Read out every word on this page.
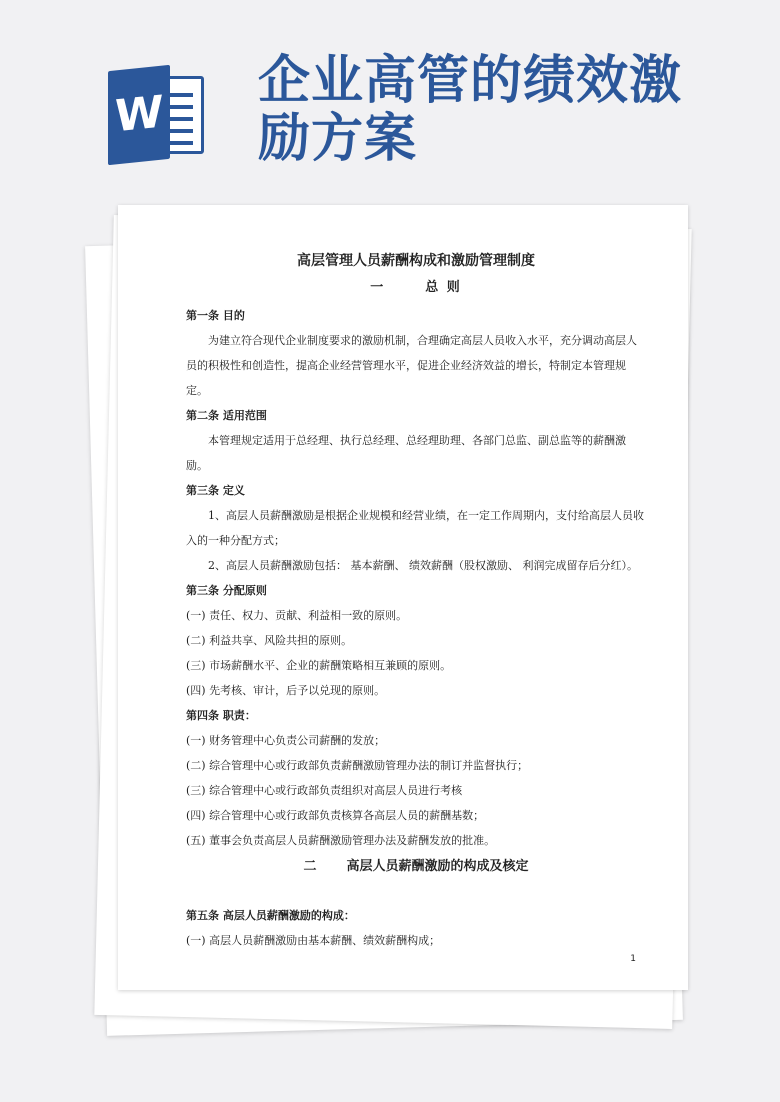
W
企业高管的绩效激
励方案
高层管理人员薪酬构成和激励管理制度
一	总 则
第一条 目的
为建立符合现代企业制度要求的激励机制，合理确定高层人员收入水平，充分调动高层人员的积极性和创造性，提高企业经营管理水平，促进企业经济效益的增长，特制定本管理规定。
第二条 适用范围
本管理规定适用于总经理、执行总经理、总经理助理、各部门总监、副总监等的薪酬激励。
第三条 定义
1、高层人员薪酬激励是根据企业规模和经营业绩，在一定工作周期内，支付给高层人员收入的一种分配方式；
2、高层人员薪酬激励包括： 基本薪酬、 绩效薪酬（股权激励、 利润完成留存后分红）。
第三条 分配原则
(一) 责任、权力、贡献、利益相一致的原则。
(二) 利益共享、风险共担的原则。
(三) 市场薪酬水平、企业的薪酬策略相互兼顾的原则。
(四) 先考核、审计，后予以兑现的原则。
第四条 职责：
(一) 财务管理中心负责公司薪酬的发放；
(二) 综合管理中心或行政部负责薪酬激励管理办法的制订并监督执行；
(三) 综合管理中心或行政部负责组织对高层人员进行考核
(四) 综合管理中心或行政部负责核算各高层人员的薪酬基数；
(五) 董事会负责高层人员薪酬激励管理办法及薪酬发放的批准。
二 高层人员薪酬激励的构成及核定
第五条 高层人员薪酬激励的构成：
(一) 高层人员薪酬激励由基本薪酬、绩效薪酬构成；
1
